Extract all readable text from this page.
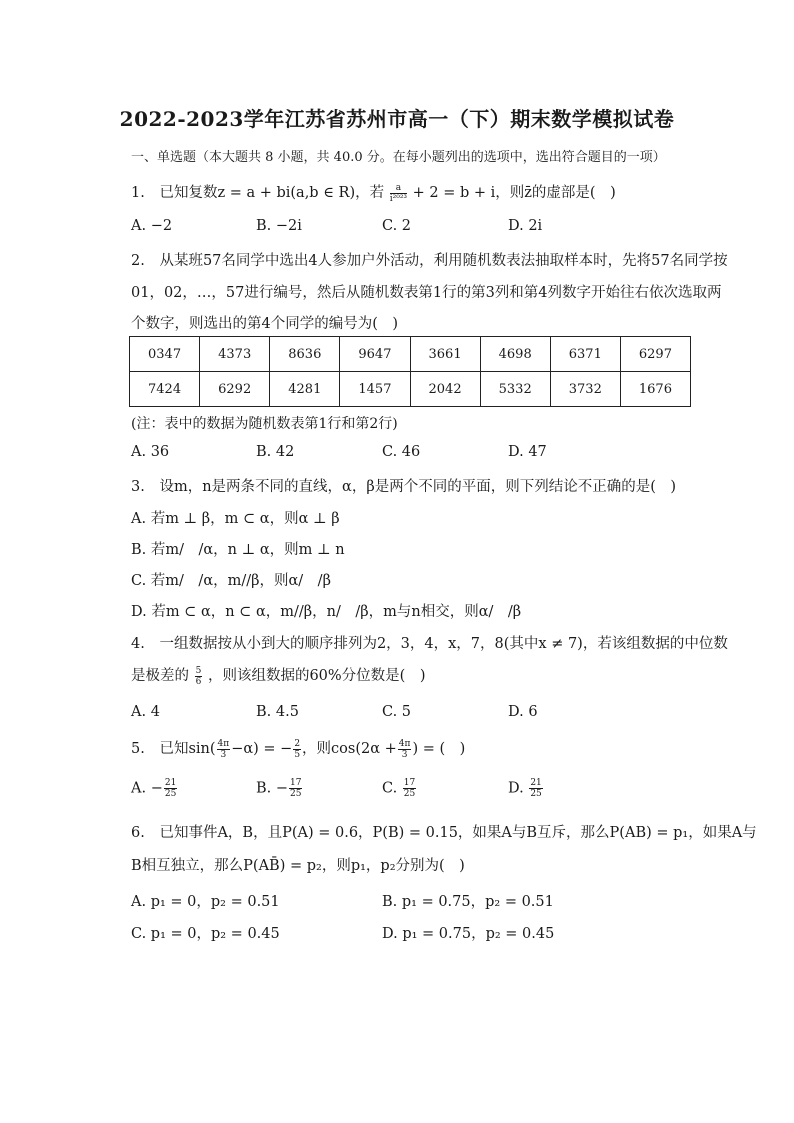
2022-2023学年江苏省苏州市高一（下）期末数学模拟试卷
一、单选题（本大题共 8 小题，共 40.0 分。在每小题列出的选项中，选出符合题目的一项）
1. 已知复数z = a + bi(a,b ∈ R)，若 $\frac{a}{\text{i²⁰²³}} + 2 = b + i$，则z̄的虚部是(　)
A. −2	B. −2i	C. 2	D. 2i
2. 从某班57名同学中选出4人参加户外活动，利用随机数表法抽取样本时，先将57名同学按
01，02，…，57进行编号，然后从随机数表第1行的第3列和第4列数字开始往右依次选取两
个数字，则选出的第4个同学的编号为(　)
0347	4373	8636	9647	3661	4698	6371	6297
7424	6292	4281	1457	2042	5332	3732	1676
(注：表中的数据为随机数表第1行和第2行)
A. 36	B. 42	C. 46	D. 47
3. 设m，n是两条不同的直线，α，β是两个不同的平面，则下列结论不正确的是(　)
A. 若m ⊥ β，m ⊂ α，则α ⊥ β
B. 若m/　/α，n ⊥ α，则m ⊥ n
C. 若m/　/α，m//β，则α/　/β
D. 若m ⊂ α，n ⊂ α，m//β，n/　/β，m与n相交，则α/　/β
4. 一组数据按从小到大的顺序排列为2，3，4，x，7，8(其中x ≠ 7)，若该组数据的中位数
是极差的 $\frac{5}{6}$ ，则该组数据的60%分位数是(　)
A. 4	B. 4.5	C. 5	D. 6
5. 已知$\sin( \frac{4\pi}{3} -\alpha)$ = − $\frac{2}{5}$ ，则$\cos(2\alpha + \frac{4\pi}{3}$ ) = (　)
A. − $\frac{21}{25}$	B. − $\frac{17}{25}$	C. $\frac{17}{25}$	D. $\frac{21}{25}$
6. 已知事件A，B，且P(A) = 0.6，P(B) = 0.15，如果A与B互斥，那么P(AB) = p₁，如果A与
B相互独立，那么P(AB̄) = p₂，则p₁，p₂分别为(　)
A. p₁ = 0，p₂ = 0.51	B. p₁ = 0.75，p₂ = 0.51
C. p₁ = 0，p₂ = 0.45	D. p₁ = 0.75，p₂ = 0.45
